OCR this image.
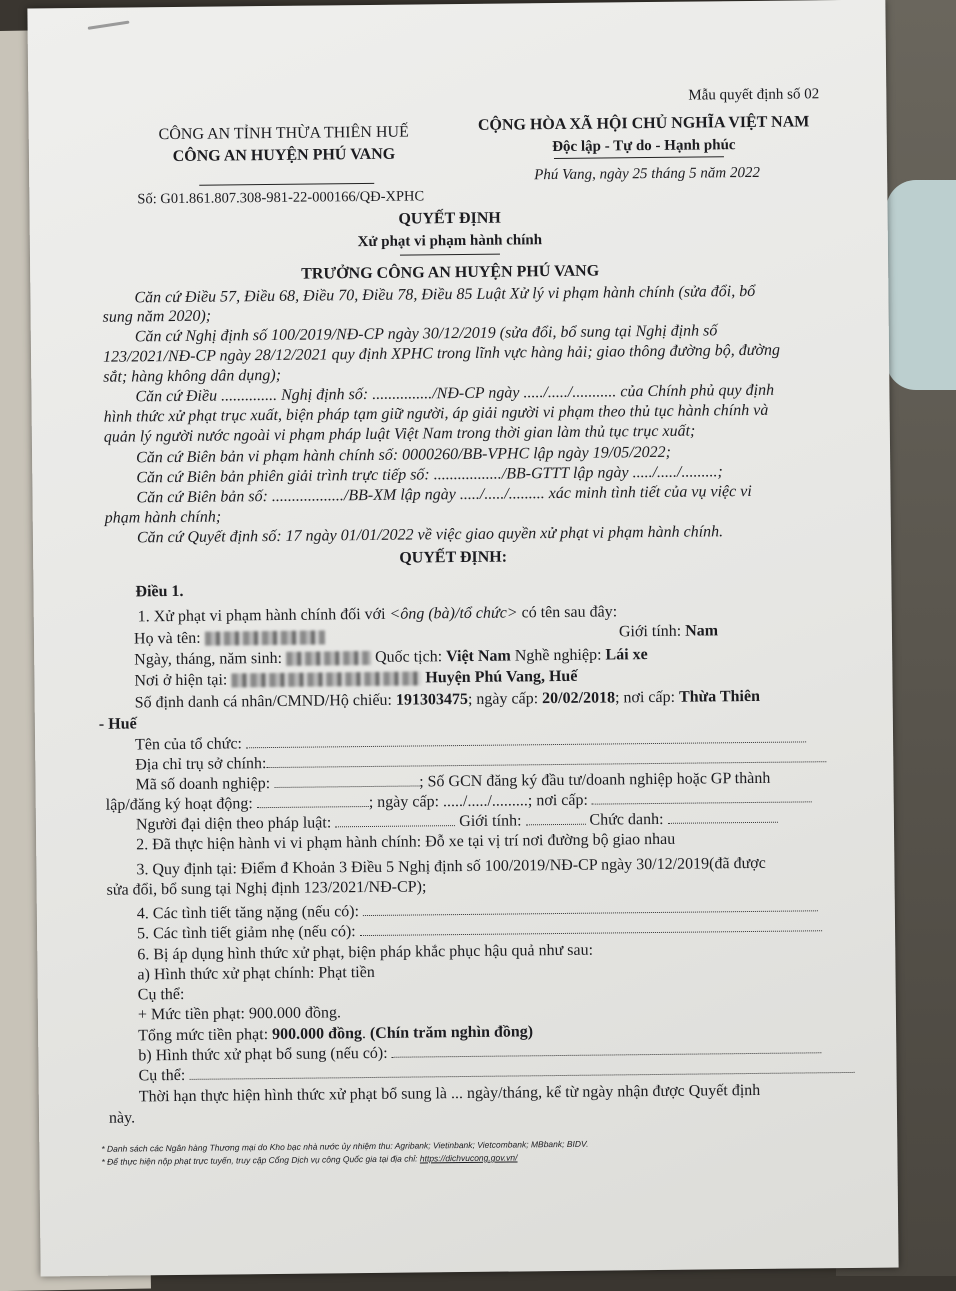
Mẫu quyết định số 02
CÔNG AN TỈNH THỪA THIÊN HUẾ
CÔNG AN HUYỆN PHÚ VANG
CỘNG HÒA XÃ HỘI CHỦ NGHĨA VIỆT NAM
Độc lập - Tự do - Hạnh phúc
Phú Vang, ngày 25 tháng 5 năm 2022
Số: G01.861.807.308-981-22-000166/QĐ-XPHC
QUYẾT ĐỊNH
Xử phạt vi phạm hành chính
TRƯỞNG CÔNG AN HUYỆN PHÚ VANG
Căn cứ Điều 57, Điều 68, Điều 70, Điều 78, Điều 85 Luật Xử lý vi phạm hành chính (sửa đổi, bổ
sung năm 2020);
Căn cứ Nghị định số 100/2019/NĐ-CP ngày 30/12/2019 (sửa đổi, bổ sung tại Nghị định số
123/2021/NĐ-CP ngày 28/12/2021 quy định XPHC trong lĩnh vực hàng hải; giao thông đường bộ, đường
sắt; hàng không dân dụng);
Căn cứ Điều .............. Nghị định số: .............../NĐ-CP ngày ...../...../........... của Chính phủ quy định
hình thức xử phạt trục xuất, biện pháp tạm giữ người, áp giải người vi phạm theo thủ tục hành chính và
quản lý người nước ngoài vi phạm pháp luật Việt Nam trong thời gian làm thủ tục trục xuất;
Căn cứ Biên bản vi phạm hành chính số: 0000260/BB-VPHC lập ngày 19/05/2022;
Căn cứ Biên bản phiên giải trình trực tiếp số: ................./BB-GTTT lập ngày ...../...../.........;
Căn cứ Biên bản số: ................../BB-XM lập ngày ...../...../......... xác minh tình tiết của vụ việc vi
phạm hành chính;
Căn cứ Quyết định số: 17 ngày 01/01/2022 về việc giao quyền xử phạt vi phạm hành chính.
QUYẾT ĐỊNH:
Điều 1.
1. Xử phạt vi phạm hành chính đối với <ông (bà)/tổ chức> có tên sau đây:
Họ và tên:	Giới tính: Nam
Ngày, tháng, năm sinh:	Quốc tịch: Việt Nam Nghề nghiệp: Lái xe
Nơi ở hiện tại:	Huyện Phú Vang, Huế
Số định danh cá nhân/CMND/Hộ chiếu: 191303475; ngày cấp: 20/02/2018; nơi cấp: Thừa Thiên
- Huế
Tên của tổ chức:
Địa chỉ trụ sở chính:
Mã số doanh nghiệp:	; Số GCN đăng ký đầu tư/doanh nghiệp hoặc GP thành
lập/đăng ký hoạt động:	; ngày cấp: ...../...../.........; nơi cấp:
Người đại diện theo pháp luật:	Giới tính:	Chức danh:
2. Đã thực hiện hành vi vi phạm hành chính: Đỗ xe tại vị trí nơi đường bộ giao nhau
3. Quy định tại: Điểm đ Khoản 3 Điều 5 Nghị định số 100/2019/NĐ-CP ngày 30/12/2019(đã được
sửa đổi, bổ sung tại Nghị định 123/2021/NĐ-CP);
4. Các tình tiết tăng nặng (nếu có):
5. Các tình tiết giảm nhẹ (nếu có):
6. Bị áp dụng hình thức xử phạt, biện pháp khắc phục hậu quả như sau:
a) Hình thức xử phạt chính: Phạt tiền
Cụ thể:
+ Mức tiền phạt: 900.000 đồng.
Tổng mức tiền phạt: 900.000 đồng. (Chín trăm nghìn đồng)
b) Hình thức xử phạt bổ sung (nếu có):
Cụ thể:
Thời hạn thực hiện hình thức xử phạt bổ sung là ... ngày/tháng, kể từ ngày nhận được Quyết định
này.
* Danh sách các Ngân hàng Thương mại do Kho bạc nhà nước ủy nhiệm thu: Agribank; Vietinbank; Vietcombank; MBbank; BIDV.
* Để thực hiện nộp phạt trực tuyến, truy cập Cổng Dịch vụ công Quốc gia tại địa chỉ: https://dichvucong.gov.vn/
